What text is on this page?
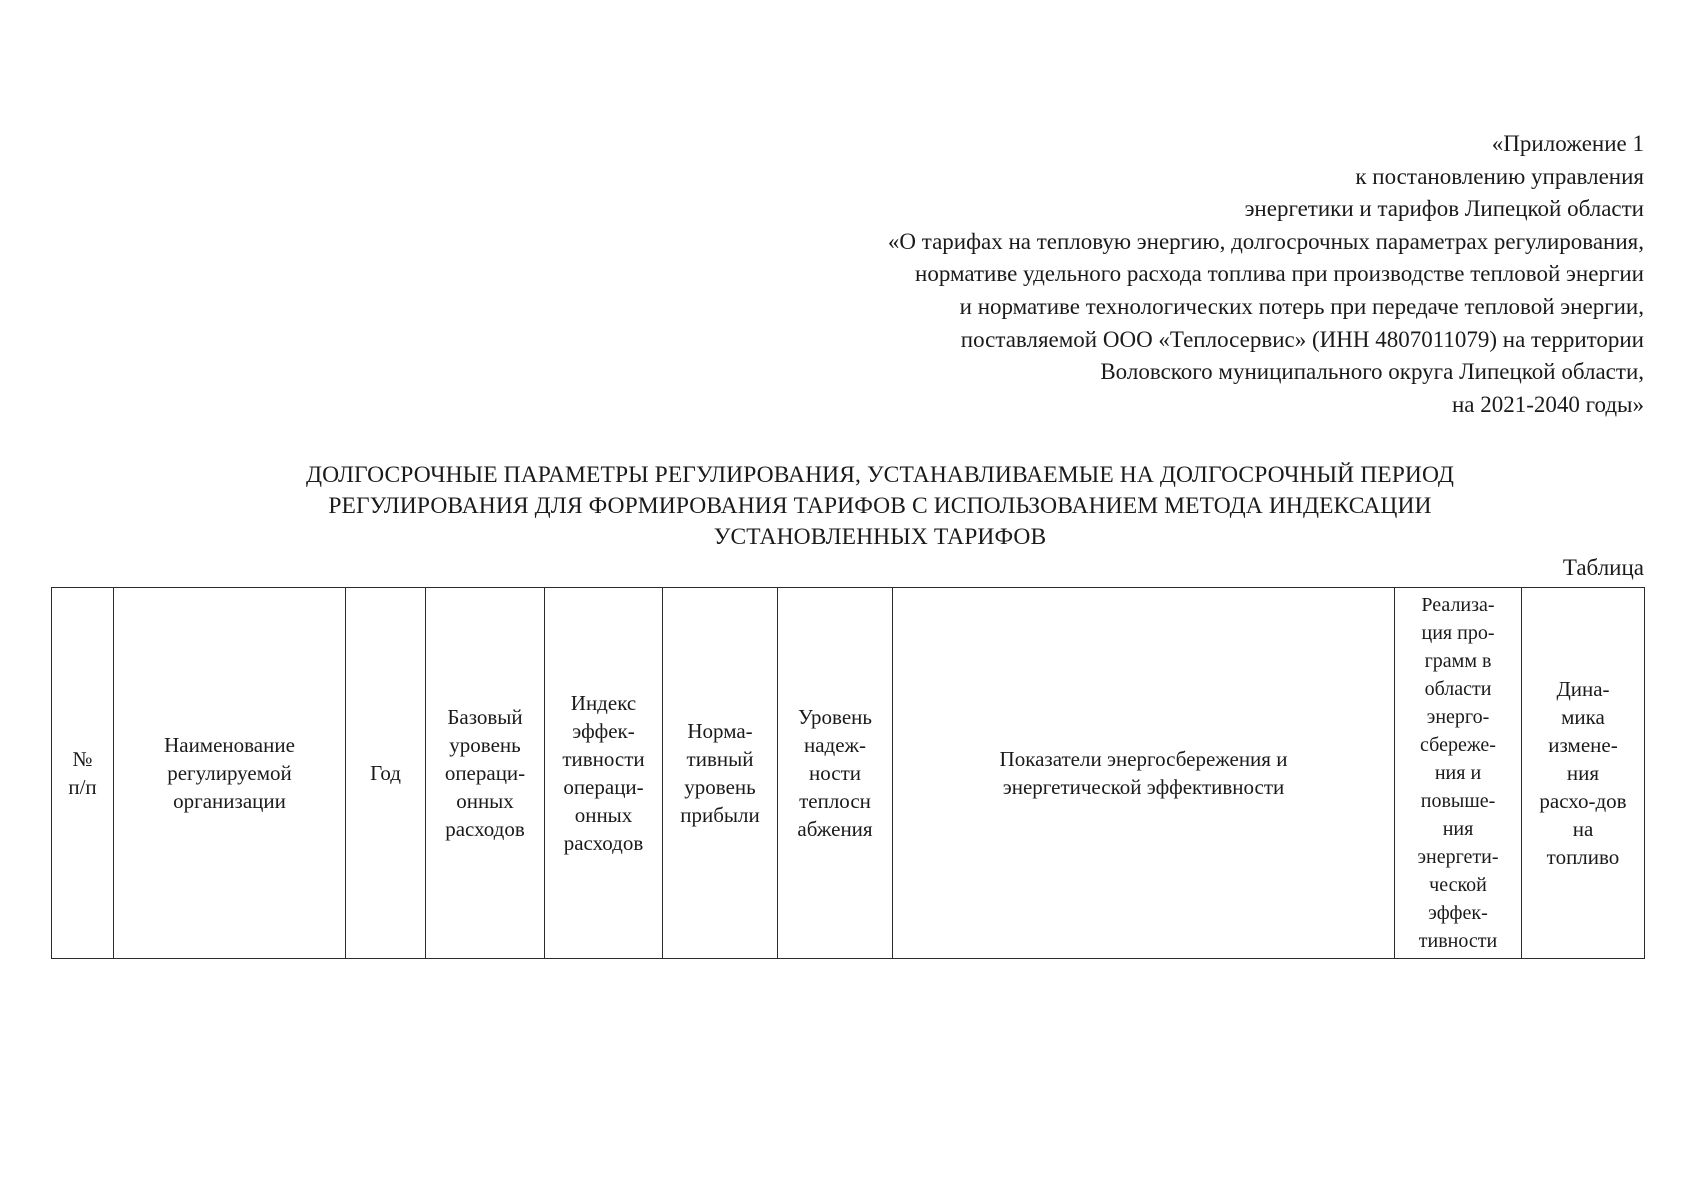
«Приложение 1
к постановлению управления
энергетики и тарифов Липецкой области
«О тарифах на тепловую энергию, долгосрочных параметрах регулирования,
нормативе удельного расхода топлива при производстве тепловой энергии
и нормативе технологических потерь при передаче тепловой энергии,
поставляемой ООО «Теплосервис» (ИНН 4807011079) на территории
Воловского муниципального округа Липецкой области,
на 2021-2040 годы»
ДОЛГОСРОЧНЫЕ ПАРАМЕТРЫ РЕГУЛИРОВАНИЯ, УСТАНАВЛИВАЕМЫЕ НА ДОЛГОСРОЧНЫЙ ПЕРИОД
РЕГУЛИРОВАНИЯ ДЛЯ ФОРМИРОВАНИЯ ТАРИФОВ С ИСПОЛЬЗОВАНИЕМ МЕТОДА ИНДЕКСАЦИИ
УСТАНОВЛЕННЫХ ТАРИФОВ
Таблица
№
п/п	Наименование
регулируемой
организации	Год	Базовый
уровень
операци-
онных
расходов	Индекс
эффек-
тивности
операци-
онных
расходов	Норма-
тивный
уровень
прибыли	Уровень
надеж-
ности
теплосн
абжения	Показатели энергосбережения и
энергетической эффективности	Реализа-
ция про-
грамм в
области
энерго-
сбереже-
ния и
повыше-
ния
энергети-
ческой
эффек-
тивности	Дина-
мика
измене-
ния
расхо-дов
на
топливо
